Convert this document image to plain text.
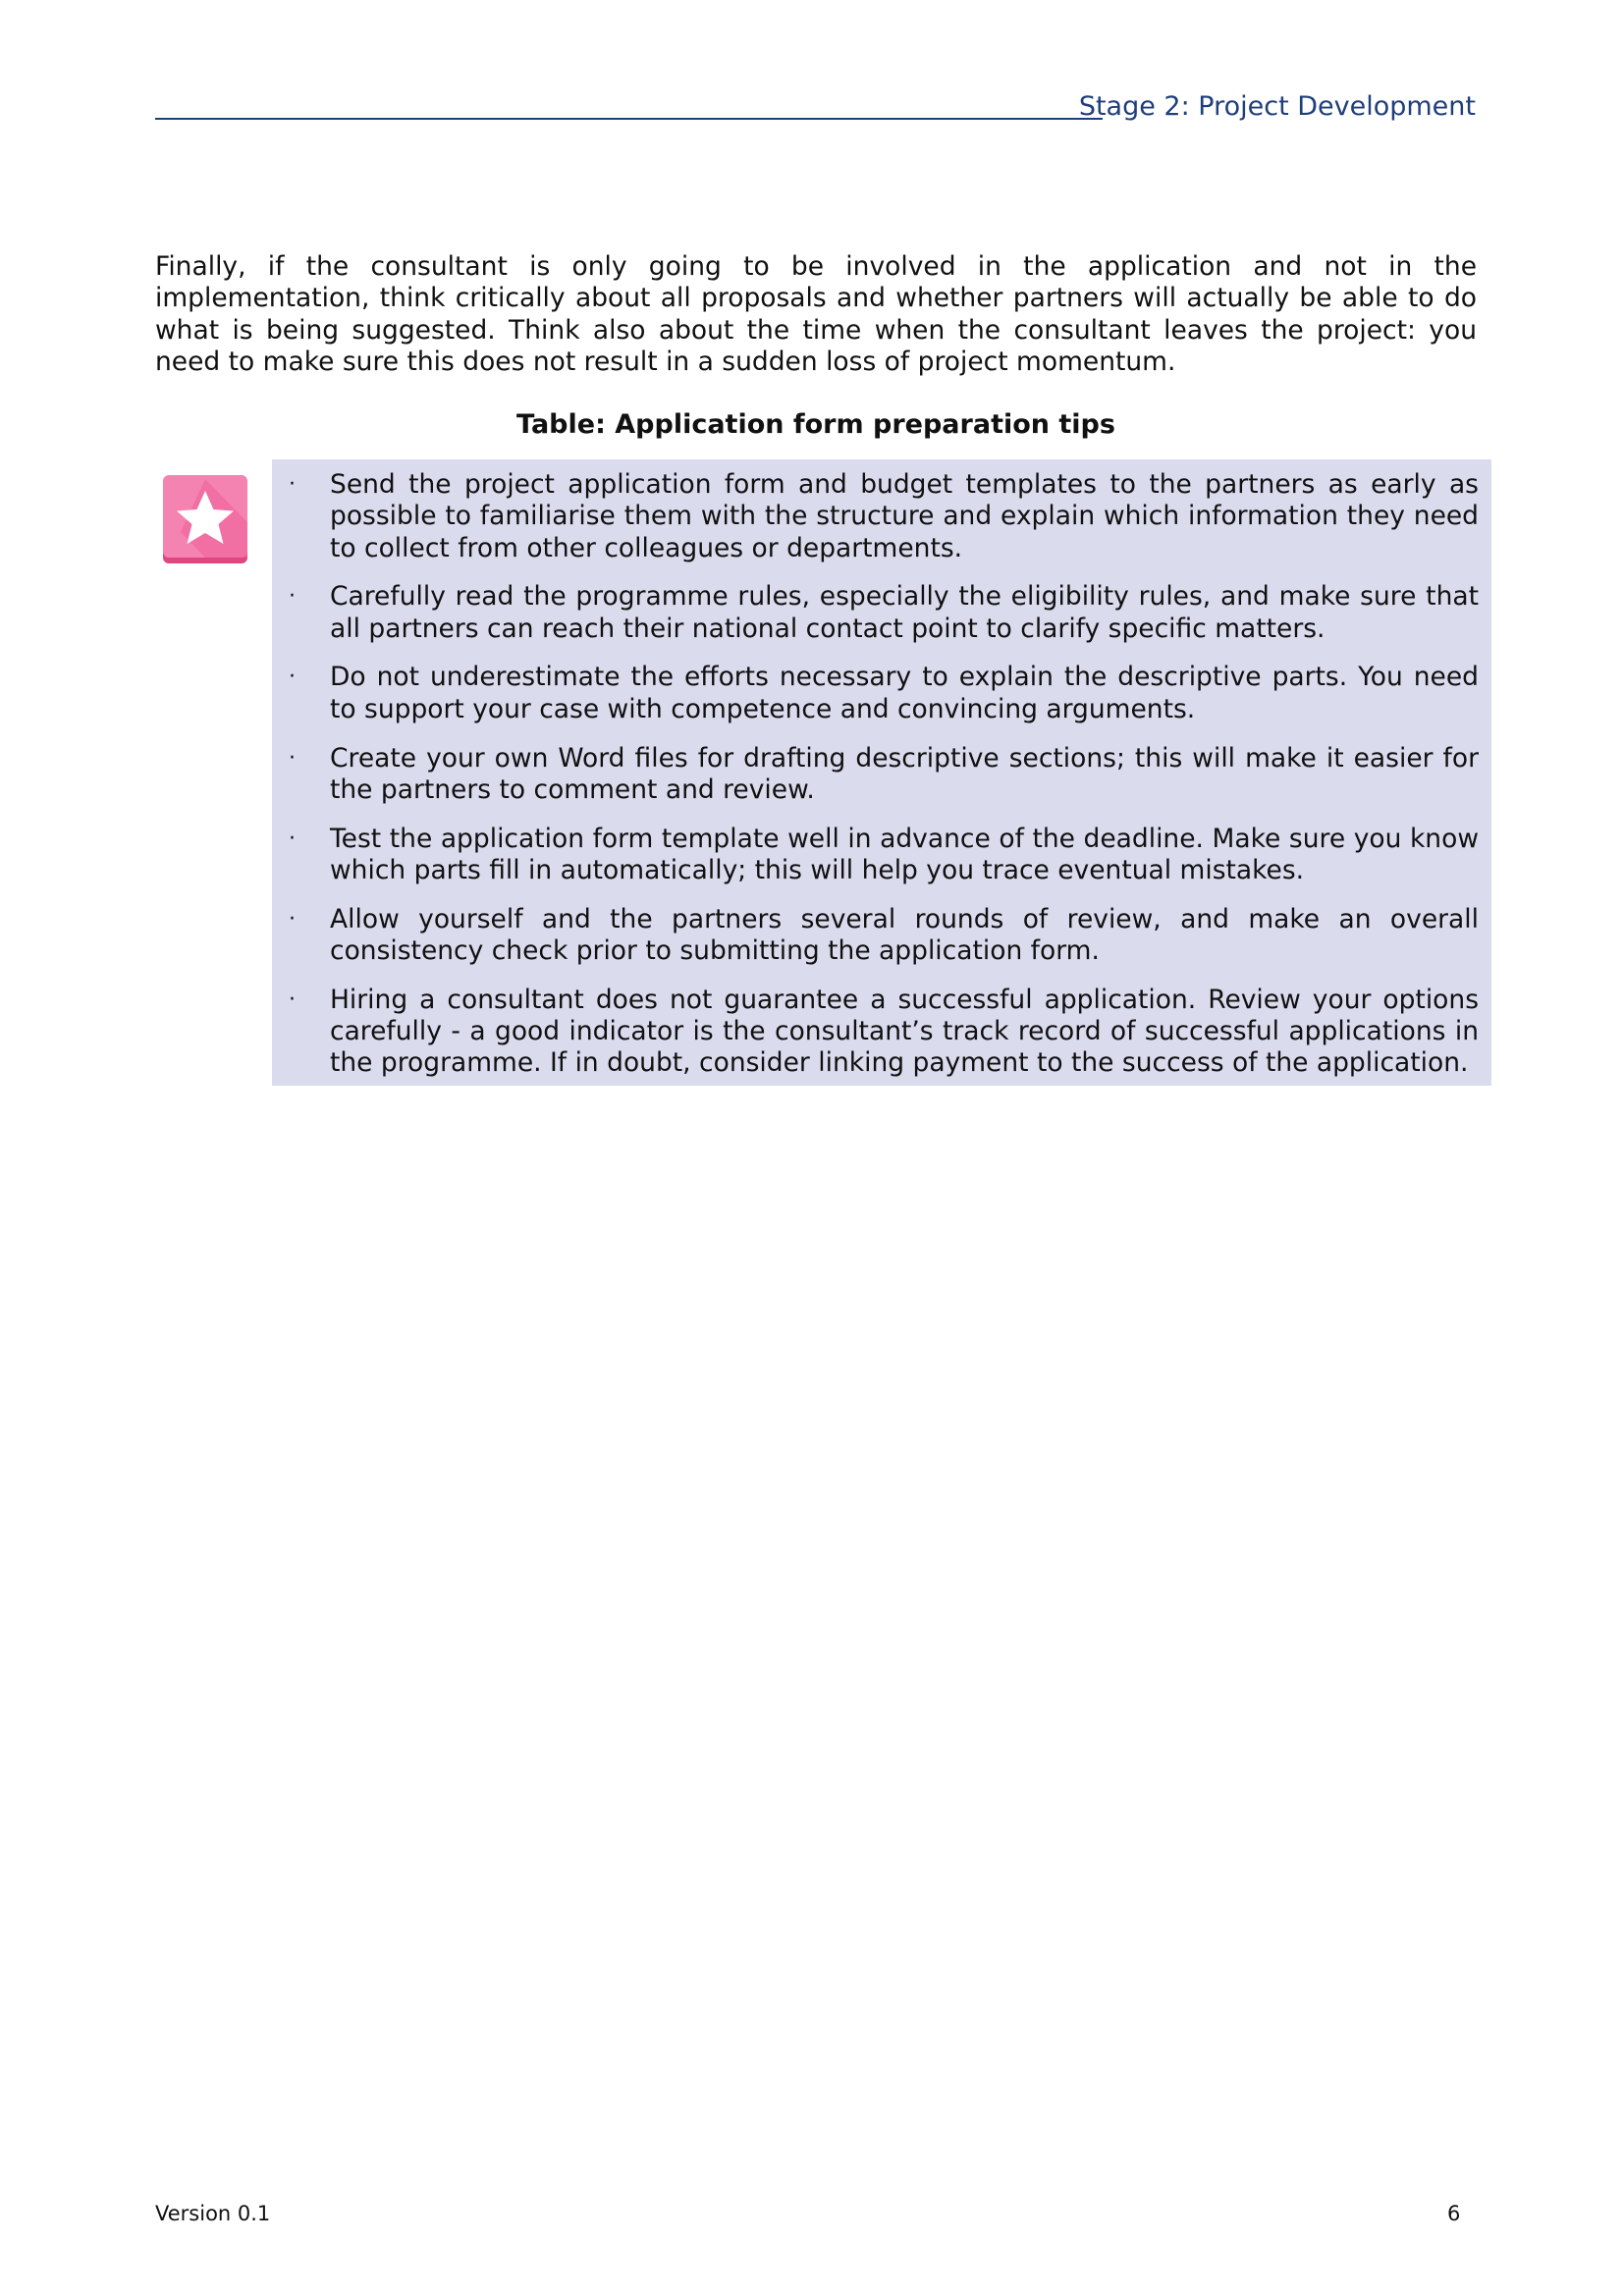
Stage 2: Project Development

Finally, if the consultant is only going to be involved in the application and not in the implementation, think critically about all proposals and whether partners will actually be able to do what is being suggested. Think also about the time when the consultant leaves the project: you need to make sure this does not result in a sudden loss of project momentum.

Table: Application form preparation tips

· Send the project application form and budget templates to the partners as early as possible to familiarise them with the structure and explain which information they need to collect from other colleagues or departments.
· Carefully read the programme rules, especially the eligibility rules, and make sure that all partners can reach their national contact point to clarify specific matters.
· Do not underestimate the efforts necessary to explain the descriptive parts. You need to support your case with competence and convincing arguments.
· Create your own Word files for drafting descriptive sections; this will make it easier for the partners to comment and review.
· Test the application form template well in advance of the deadline. Make sure you know which parts fill in automatically; this will help you trace eventual mistakes.
· Allow yourself and the partners several rounds of review, and make an overall consistency check prior to submitting the application form.
· Hiring a consultant does not guarantee a successful application. Review your options carefully - a good indicator is the consultant’s track record of successful applications in the programme. If in doubt, consider linking payment to the success of the application.
Version 0.1	6
